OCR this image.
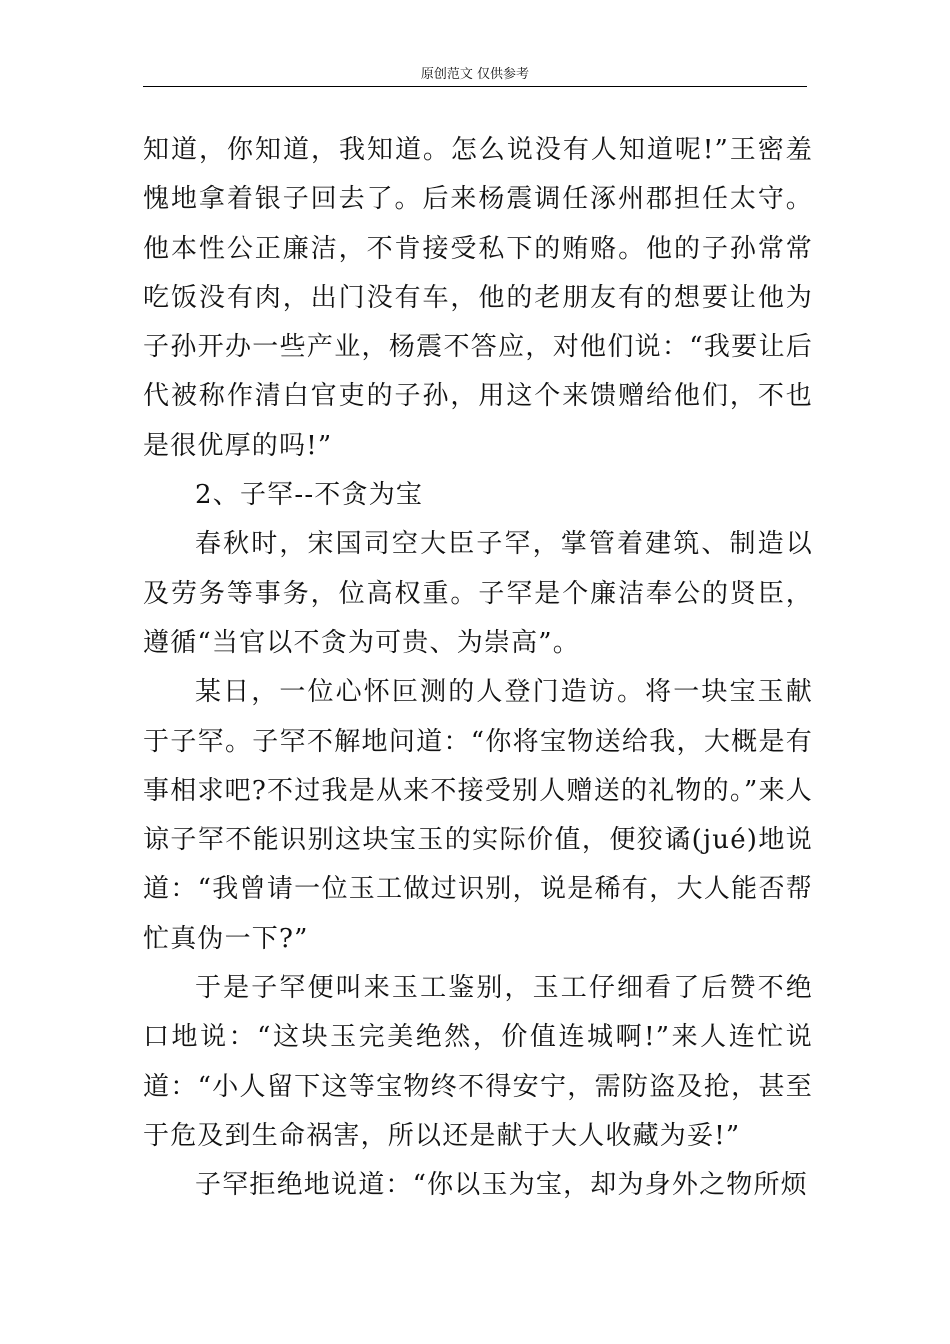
原创范文 仅供参考

知道，你知道，我知道。怎么说没有人知道呢!”王密羞愧地拿着银子回去了。后来杨震调任涿州郡担任太守。他本性公正廉洁，不肯接受私下的贿赂。他的子孙常常吃饭没有肉，出门没有车，他的老朋友有的想要让他为子孙开办一些产业，杨震不答应，对他们说：“我要让后代被称作清白官吏的子孙，用这个来馈赠给他们，不也是很优厚的吗!”

2、子罕--不贪为宝

春秋时，宋国司空大臣子罕，掌管着建筑、制造以及劳务等事务，位高权重。子罕是个廉洁奉公的贤臣，遵循“当官以不贪为可贵、为崇高”。

某日，一位心怀叵测的人登门造访。将一块宝玉献于子罕。子罕不解地问道：“你将宝物送给我，大概是有事相求吧?不过我是从来不接受别人赠送的礼物的。”来人谅子罕不能识别这块宝玉的实际价值，便狡谲(jué)地说道：“我曾请一位玉工做过识别，说是稀有，大人能否帮忙真伪一下?”

于是子罕便叫来玉工鉴别，玉工仔细看了后赞不绝口地说：“这块玉完美绝然，价值连城啊!”来人连忙说道：“小人留下这等宝物终不得安宁，需防盗及抢，甚至于危及到生命祸害，所以还是献于大人收藏为妥!”

子罕拒绝地说道：“你以玉为宝，却为身外之物所烦
